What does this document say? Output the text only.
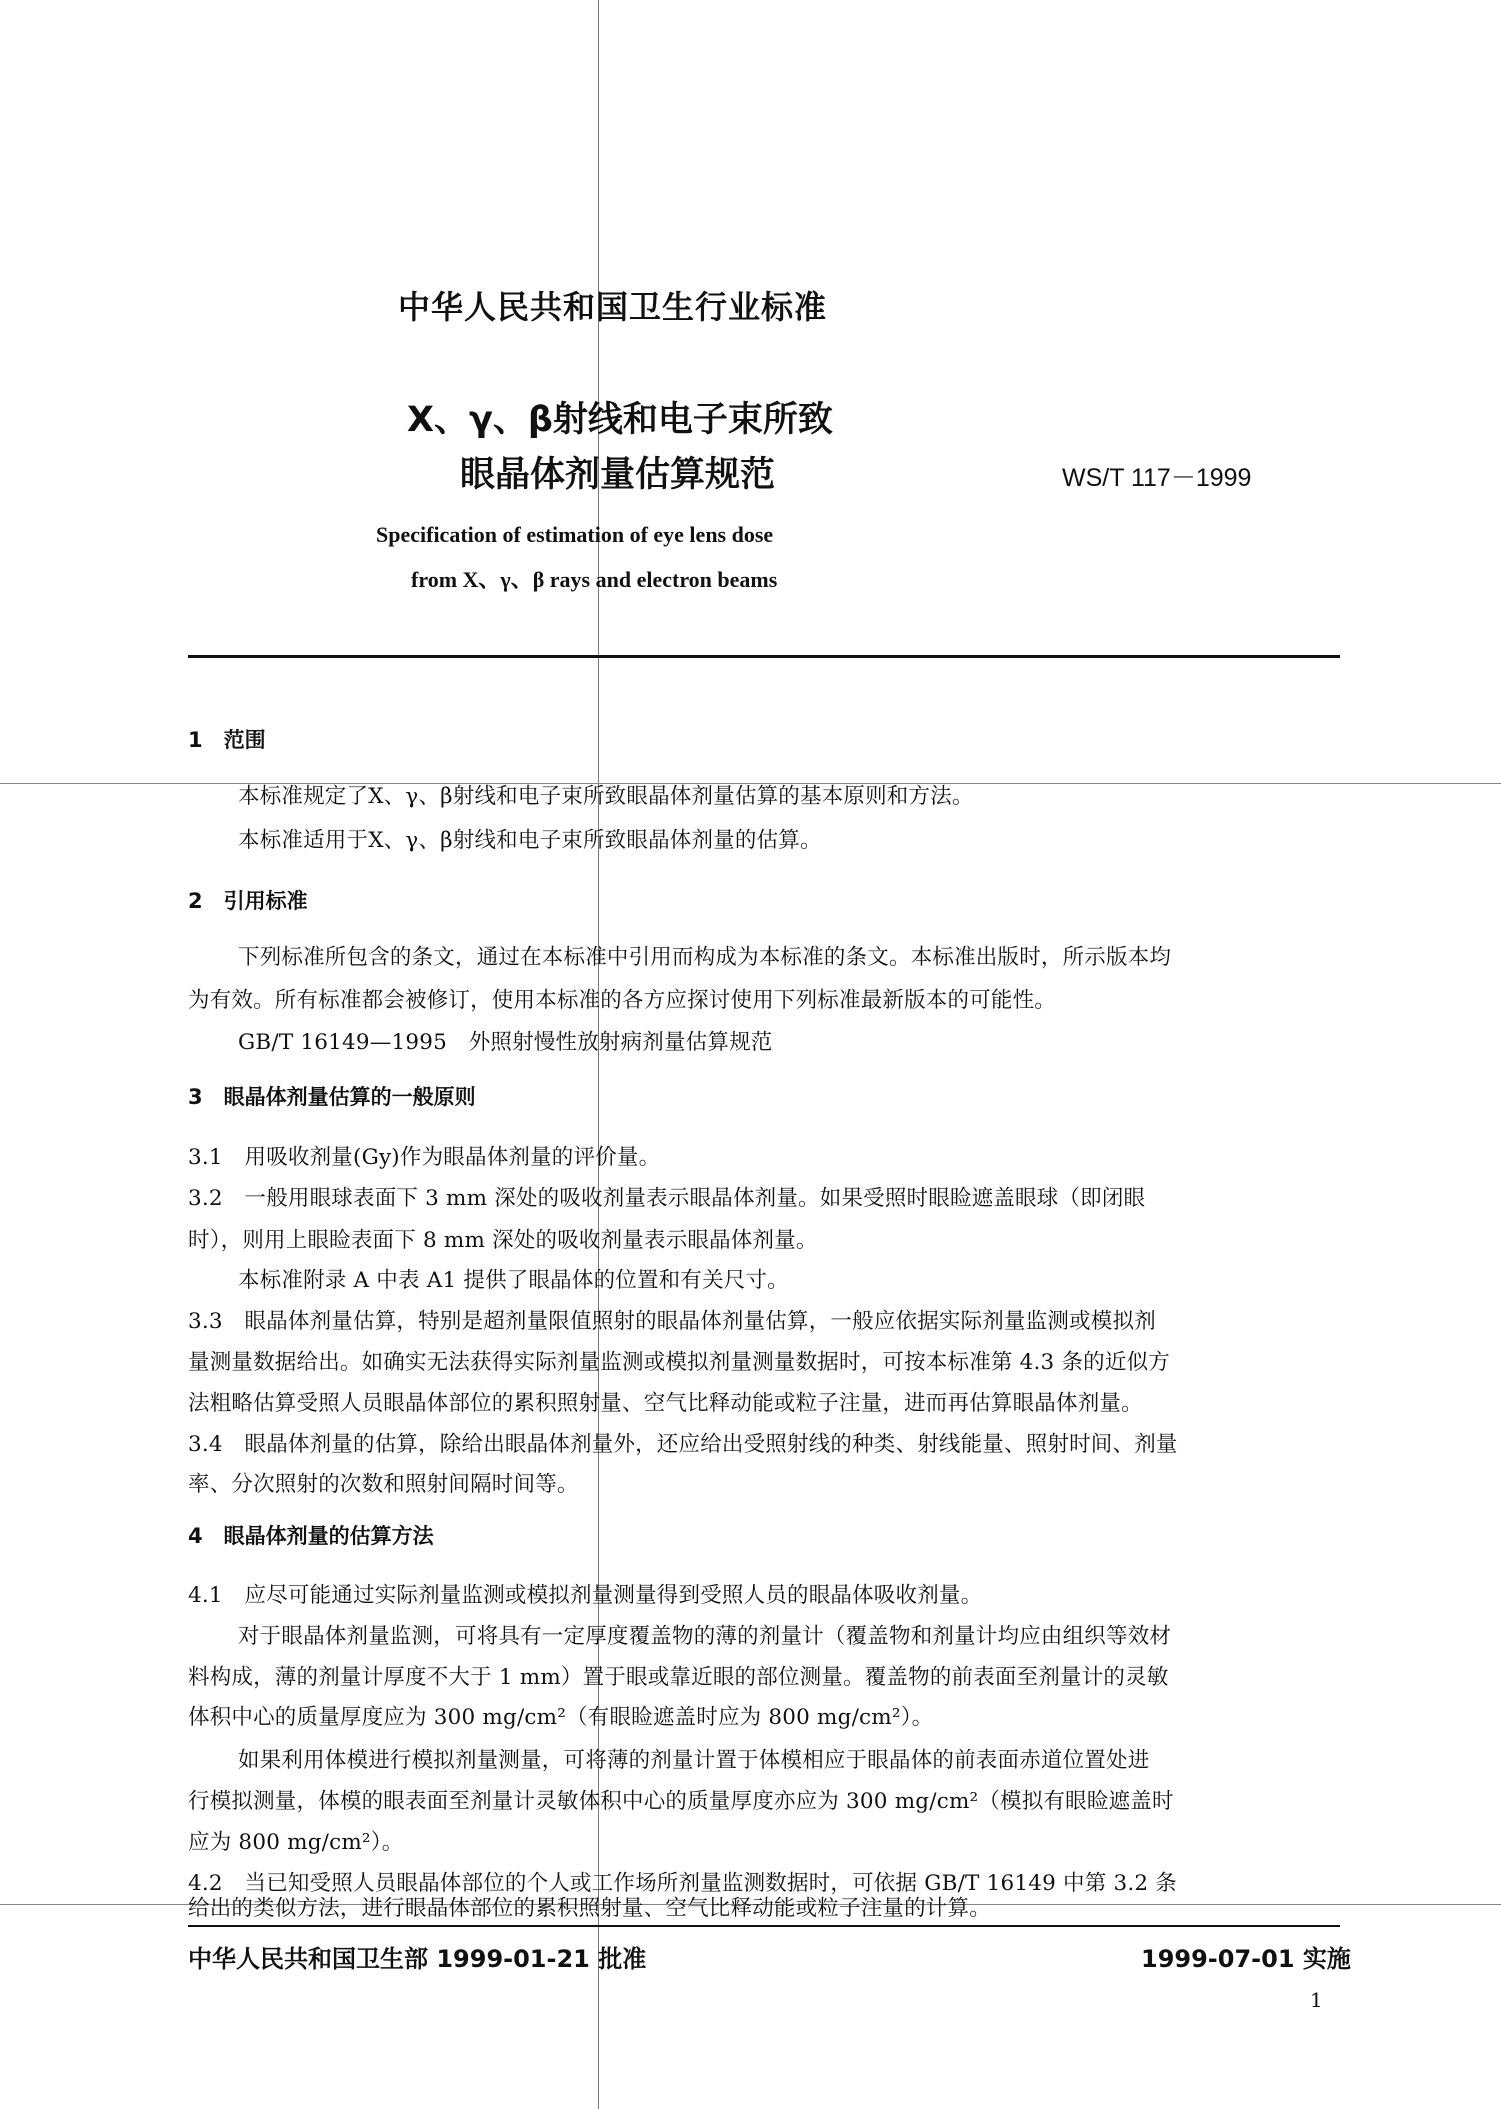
中华人民共和国卫生行业标准
X、γ、β射线和电子束所致
眼晶体剂量估算规范	WS/T 117－1999
Specification of estimation of eye lens dose
from X、γ、β rays and electron beams
1　范围
本标准规定了X、γ、β射线和电子束所致眼晶体剂量估算的基本原则和方法。
本标准适用于X、γ、β射线和电子束所致眼晶体剂量的估算。
2　引用标准
下列标准所包含的条文，通过在本标准中引用而构成为本标准的条文。本标准出版时，所示版本均
为有效。所有标准都会被修订，使用本标准的各方应探讨使用下列标准最新版本的可能性。
GB/T 16149—1995　外照射慢性放射病剂量估算规范
3　眼晶体剂量估算的一般原则
3.1　用吸收剂量(Gy)作为眼晶体剂量的评价量。
3.2　一般用眼球表面下 3 mm 深处的吸收剂量表示眼晶体剂量。如果受照时眼睑遮盖眼球（即闭眼
时），则用上眼睑表面下 8 mm 深处的吸收剂量表示眼晶体剂量。
本标准附录 A 中表 A1 提供了眼晶体的位置和有关尺寸。
3.3　眼晶体剂量估算，特别是超剂量限值照射的眼晶体剂量估算，一般应依据实际剂量监测或模拟剂
量测量数据给出。如确实无法获得实际剂量监测或模拟剂量测量数据时，可按本标准第 4.3 条的近似方
法粗略估算受照人员眼晶体部位的累积照射量、空气比释动能或粒子注量，进而再估算眼晶体剂量。
3.4　眼晶体剂量的估算，除给出眼晶体剂量外，还应给出受照射线的种类、射线能量、照射时间、剂量
率、分次照射的次数和照射间隔时间等。
4　眼晶体剂量的估算方法
4.1　应尽可能通过实际剂量监测或模拟剂量测量得到受照人员的眼晶体吸收剂量。
对于眼晶体剂量监测，可将具有一定厚度覆盖物的薄的剂量计（覆盖物和剂量计均应由组织等效材
料构成，薄的剂量计厚度不大于 1 mm）置于眼或靠近眼的部位测量。覆盖物的前表面至剂量计的灵敏
体积中心的质量厚度应为 300 mg/cm²（有眼睑遮盖时应为 800 mg/cm²）。
如果利用体模进行模拟剂量测量，可将薄的剂量计置于体模相应于眼晶体的前表面赤道位置处进
行模拟测量，体模的眼表面至剂量计灵敏体积中心的质量厚度亦应为 300 mg/cm²（模拟有眼睑遮盖时
应为 800 mg/cm²）。
4.2　当已知受照人员眼晶体部位的个人或工作场所剂量监测数据时，可依据 GB/T 16149 中第 3.2 条
给出的类似方法，进行眼晶体部位的累积照射量、空气比释动能或粒子注量的计算。
中华人民共和国卫生部 1999-01-21 批准	1999-07-01 实施
1
